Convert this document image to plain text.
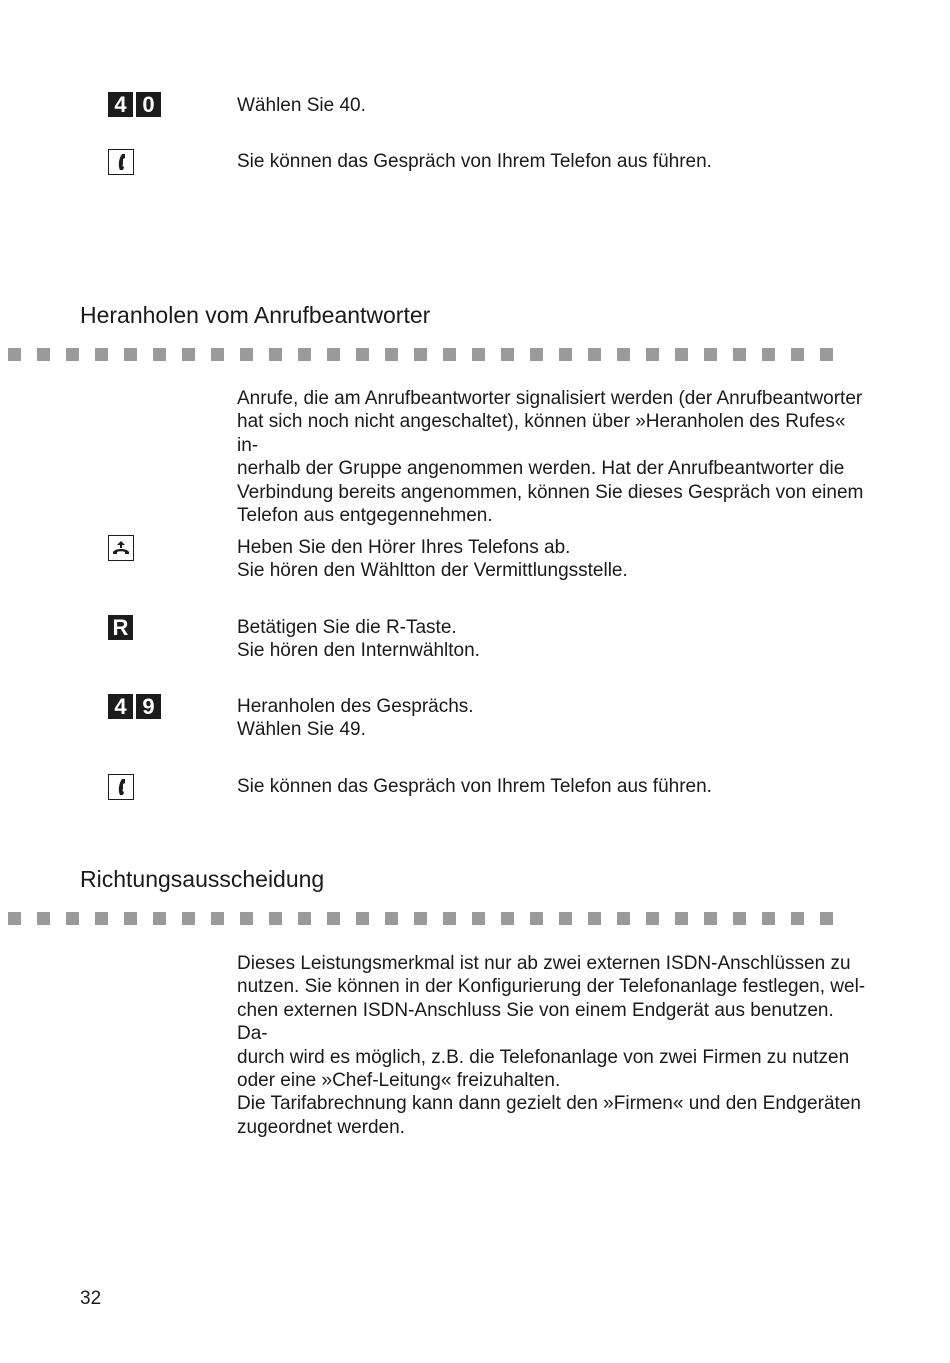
4 0	Wählen Sie 40.
Sie können das Gespräch von Ihrem Telefon aus führen.
Heranholen vom Anrufbeantworter
Anrufe, die am Anrufbeantworter signalisiert werden (der Anrufbeantworter
hat sich noch nicht angeschaltet), können über »Heranholen des Rufes« in-
nerhalb der Gruppe angenommen werden. Hat der Anrufbeantworter die
Verbindung bereits angenommen, können Sie dieses Gespräch von einem
Telefon aus entgegennehmen.
Heben Sie den Hörer Ihres Telefons ab.
Sie hören den Wähltton der Vermittlungsstelle.
R	Betätigen Sie die R-Taste.
Sie hören den Internwählton.
4 9	Heranholen des Gesprächs.
Wählen Sie 49.
Sie können das Gespräch von Ihrem Telefon aus führen.
Richtungsausscheidung
Dieses Leistungsmerkmal ist nur ab zwei externen ISDN-Anschlüssen zu
nutzen. Sie können in der Konfigurierung der Telefonanlage festlegen, wel-
chen externen ISDN-Anschluss Sie von einem Endgerät aus benutzen. Da-
durch wird es möglich, z.B. die Telefonanlage von zwei Firmen zu nutzen
oder eine »Chef-Leitung« freizuhalten.
Die Tarifabrechnung kann dann gezielt den »Firmen« und den Endgeräten
zugeordnet werden.
32
